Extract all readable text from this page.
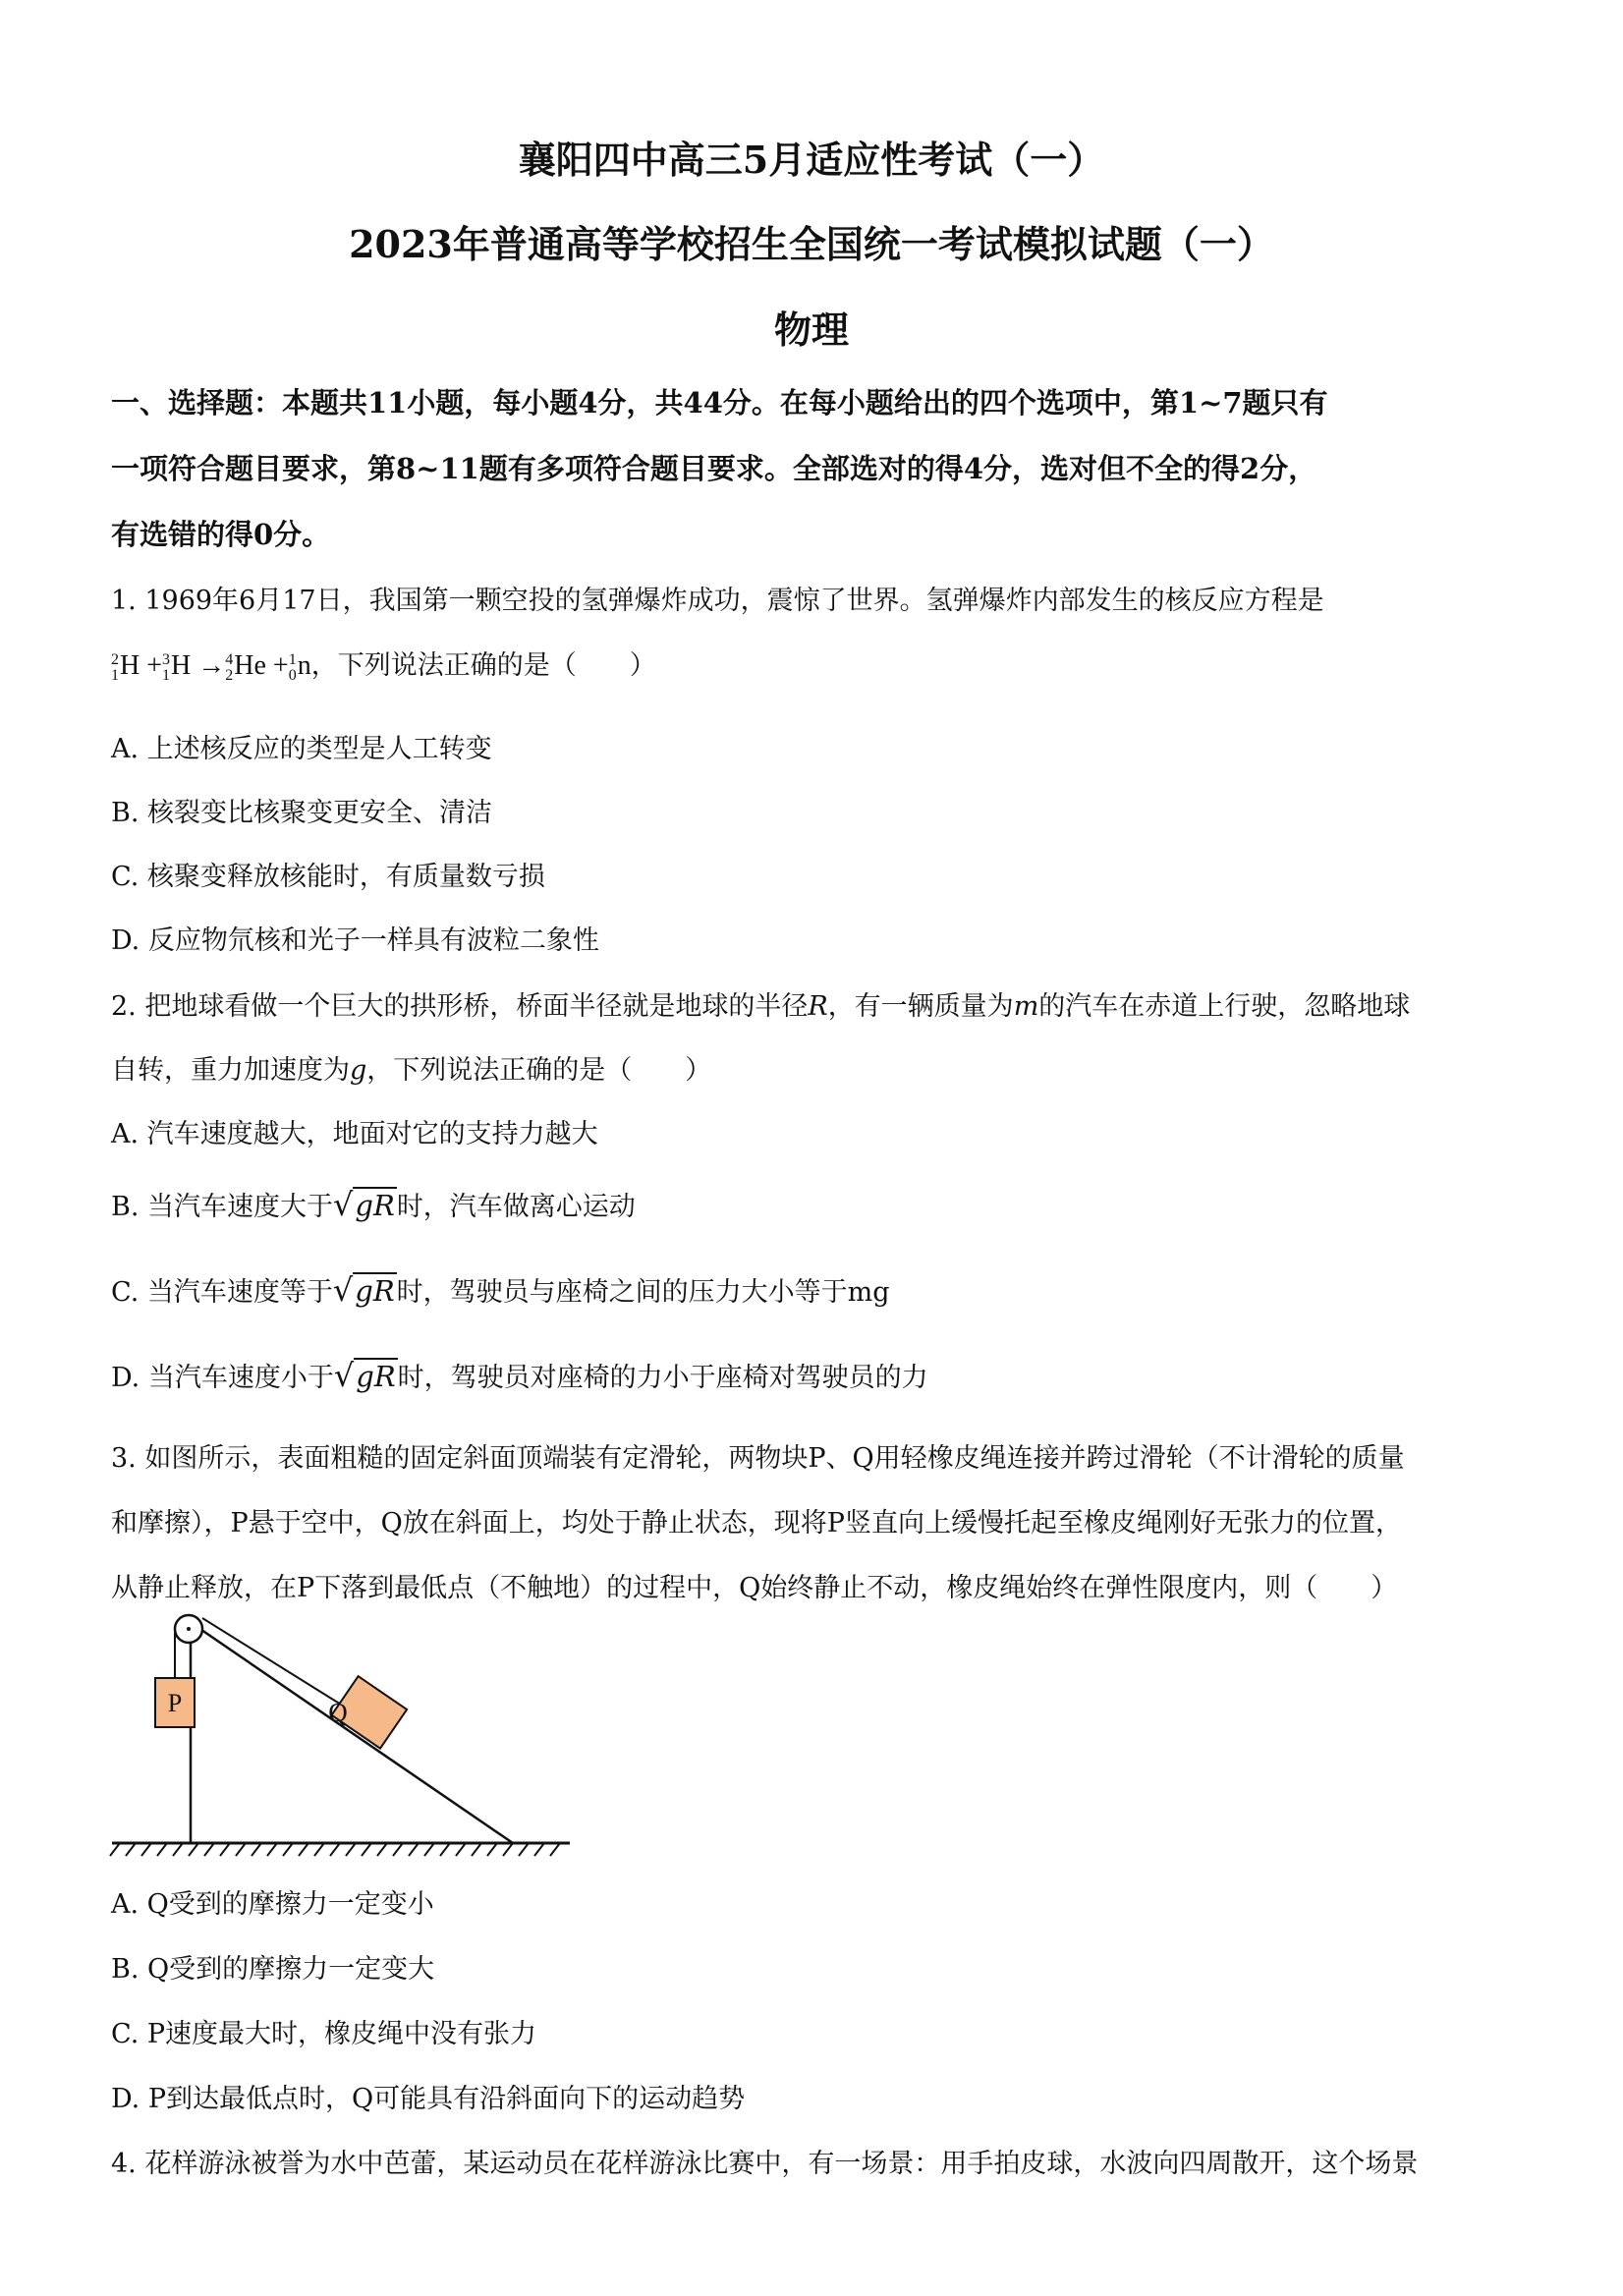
襄阳四中高三5月适应性考试（一）
2023年普通高等学校招生全国统一考试模拟试题（一）
物理
一、选择题：本题共11小题，每小题4分，共44分。在每小题给出的四个选项中，第1~7题只有
一项符合题目要求，第8~11题有多项符合题目要求。全部选对的得4分，选对但不全的得2分，
有选错的得0分。
1. 1969年6月17日，我国第一颗空投的氢弹爆炸成功，震惊了世界。氢弹爆炸内部发生的核反应方程是
2
1 H + 3
1 H → 4
2 He + 1
0 n，下列说法正确的是（　　）
A. 上述核反应的类型是人工转变
B. 核裂变比核聚变更安全、清洁
C. 核聚变释放核能时，有质量数亏损
D. 反应物氘核和光子一样具有波粒二象性
2. 把地球看做一个巨大的拱形桥，桥面半径就是地球的半径R，有一辆质量为m的汽车在赤道上行驶，忽略地球
自转，重力加速度为g，下列说法正确的是（　　）
A. 汽车速度越大，地面对它的支持力越大
B. 当汽车速度大于√gR时，汽车做离心运动
C. 当汽车速度等于√gR时，驾驶员与座椅之间的压力大小等于mg
D. 当汽车速度小于√gR时，驾驶员对座椅的力小于座椅对驾驶员的力
3. 如图所示，表面粗糙的固定斜面顶端装有定滑轮，两物块P、Q用轻橡皮绳连接并跨过滑轮（不计滑轮的质量
和摩擦），P悬于空中，Q放在斜面上，均处于静止状态，现将P竖直向上缓慢托起至橡皮绳刚好无张力的位置，
从静止释放，在P下落到最低点（不触地）的过程中，Q始终静止不动，橡皮绳始终在弹性限度内，则（　　）
P	Q
A. Q受到的摩擦力一定变小
B. Q受到的摩擦力一定变大
C. P速度最大时，橡皮绳中没有张力
D. P到达最低点时，Q可能具有沿斜面向下的运动趋势
4. 花样游泳被誉为水中芭蕾，某运动员在花样游泳比赛中，有一场景：用手拍皮球，水波向四周散开，这个场景
